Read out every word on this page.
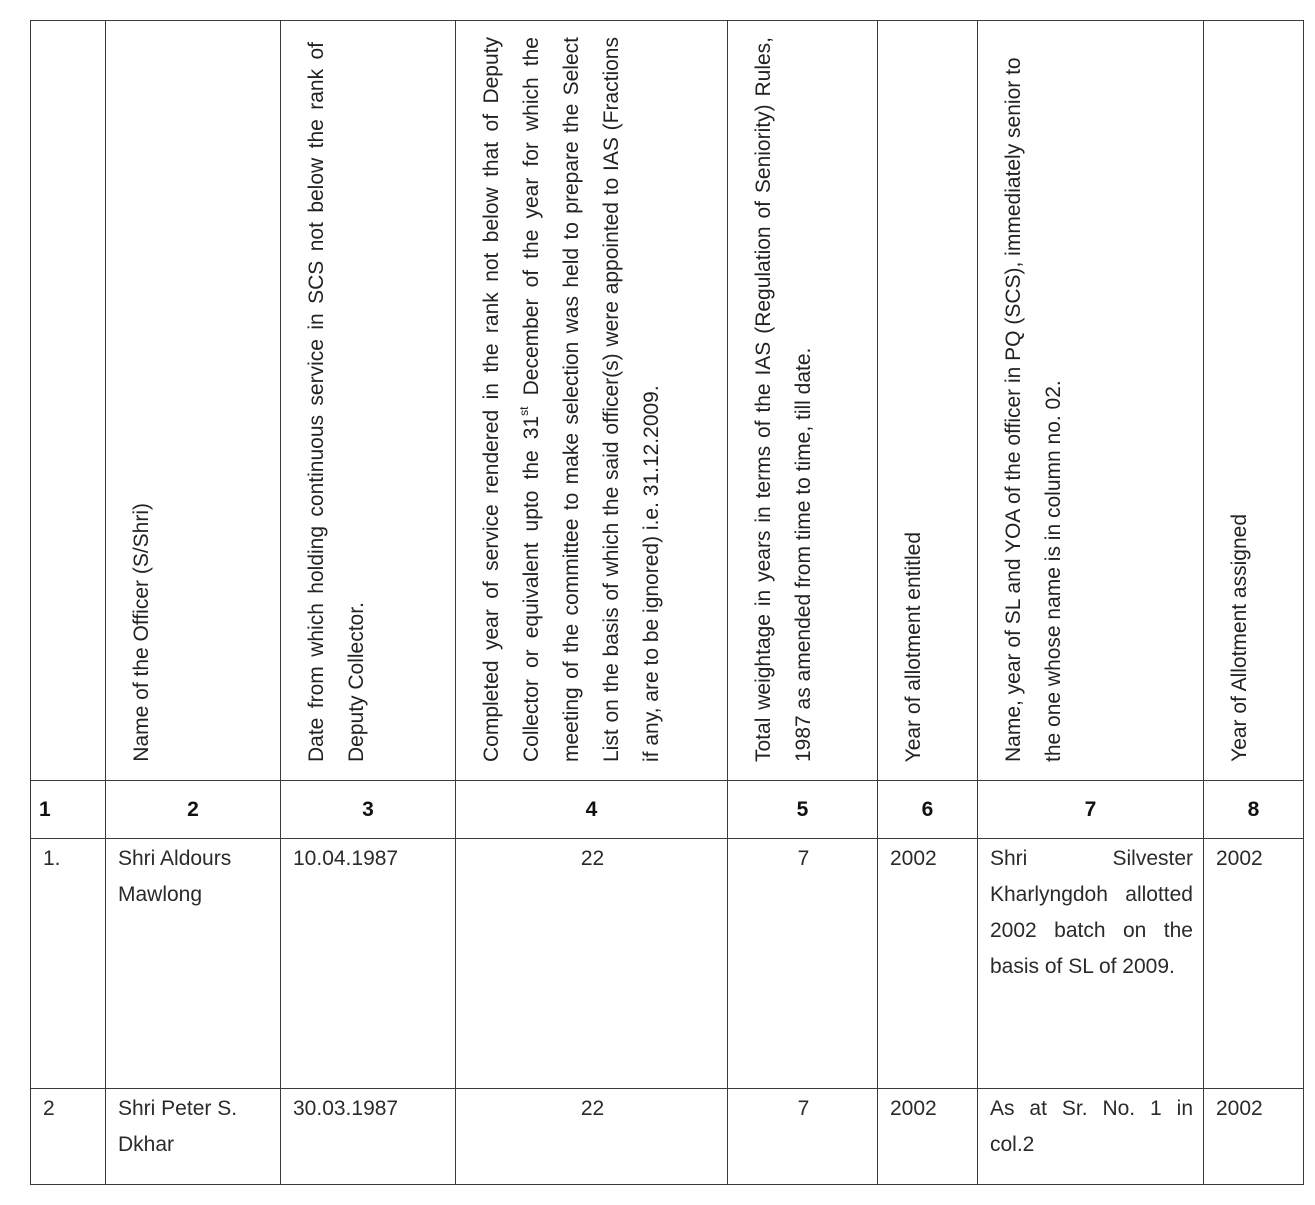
	Name of the Officer (S/Shri)	Date from which holding continuous service in SCS not below the rank of Deputy Collector.	Completed year of service rendered in the rank not below that of Deputy Collector or equivalent upto the 31st December of the year for which the meeting of the committee to make selection was held to prepare the Select List on the basis of which the said officer(s) were appointed to IAS (Fractions if any, are to be ignored) i.e. 31.12.2009.	Total weightage in years in terms of the IAS (Regulation of Seniority) Rules, 1987 as amended from time to time, till date.	Year of allotment entitled	Name, year of SL and YOA of the officer in PQ (SCS), immediately senior to the one whose name is in column no. 02.	Year of Allotment assigned

1	2	3	4	5	6	7	8
1.	Shri Aldours Mawlong	10.04.1987	22	7	2002	Shri Silvester Kharlyngdoh allotted 2002 batch on the basis of SL of 2009.	2002
2	Shri Peter S. Dkhar	30.03.1987	22	7	2002	As at Sr. No. 1 in col.2	2002
